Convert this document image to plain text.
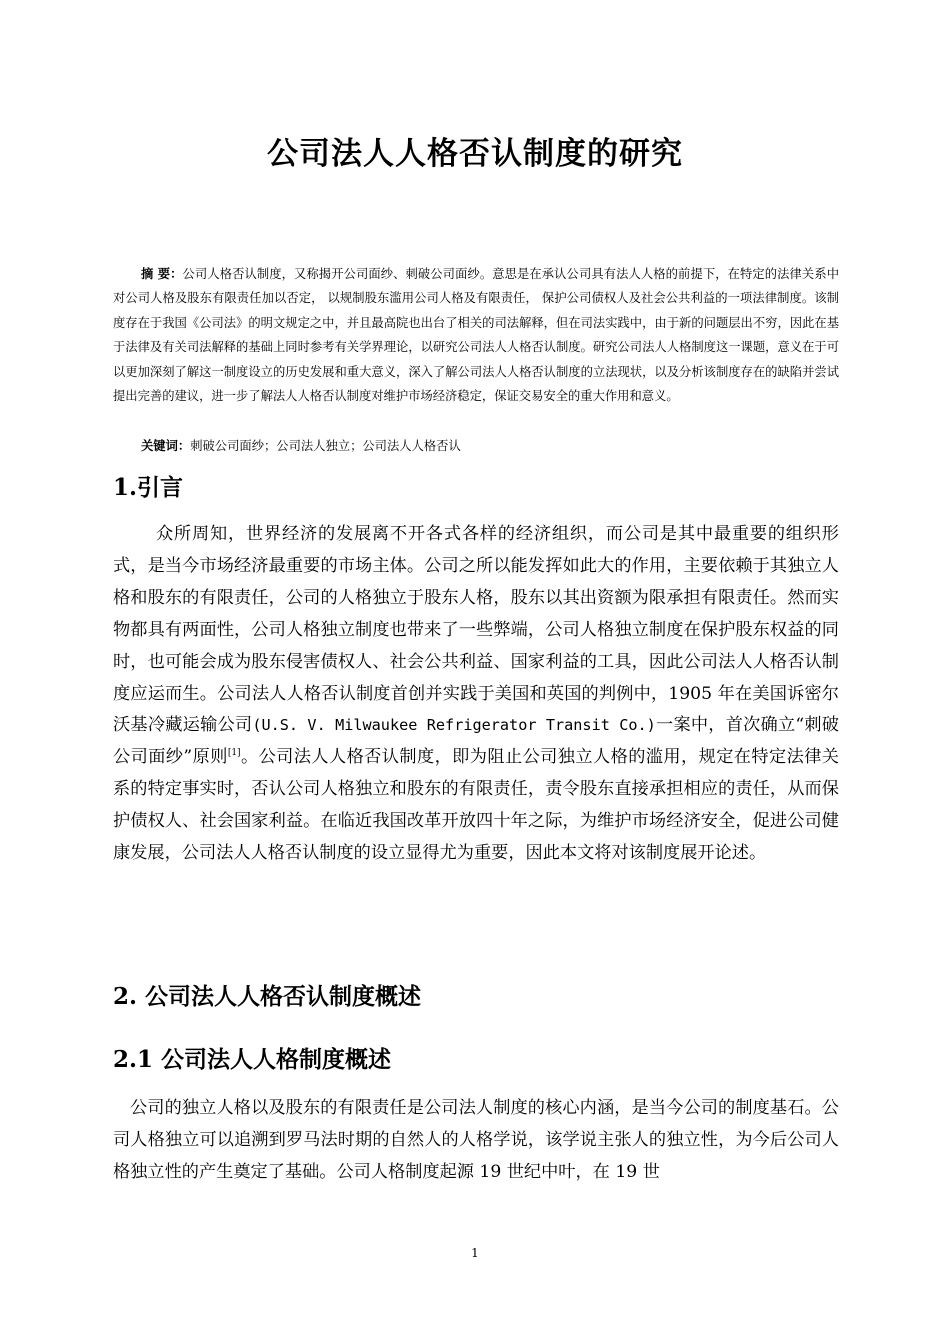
公司法人人格否认制度的研究
摘 要：公司人格否认制度，又称揭开公司面纱、刺破公司面纱。意思是在承认公司具有法人人格的前提下，在特定的法律关系中对公司人格及股东有限责任加以否定， 以规制股东滥用公司人格及有限责任， 保护公司债权人及社会公共利益的一项法律制度。该制度存在于我国《公司法》的明文规定之中，并且最高院也出台了相关的司法解释，但在司法实践中，由于新的问题层出不穷，因此在基于法律及有关司法解释的基础上同时参考有关学界理论，以研究公司法人人格否认制度。研究公司法人人格制度这一课题，意义在于可以更加深刻了解这一制度设立的历史发展和重大意义，深入了解公司法人人格否认制度的立法现状，以及分析该制度存在的缺陷并尝试提出完善的建议，进一步了解法人人格否认制度对维护市场经济稳定，保证交易安全的重大作用和意义。
关键词：刺破公司面纱；公司法人独立；公司法人人格否认
1.引言
众所周知，世界经济的发展离不开各式各样的经济组织，而公司是其中最重要的组织形式，是当今市场经济最重要的市场主体。公司之所以能发挥如此大的作用，主要依赖于其独立人格和股东的有限责任，公司的人格独立于股东人格，股东以其出资额为限承担有限责任。然而实物都具有两面性，公司人格独立制度也带来了一些弊端，公司人格独立制度在保护股东权益的同时，也可能会成为股东侵害债权人、社会公共利益、国家利益的工具，因此公司法人人格否认制度应运而生。公司法人人格否认制度首创并实践于美国和英国的判例中，1905 年在美国诉密尔沃基冷藏运输公司(U.S. V. Milwaukee Refrigerator Transit Co.)一案中，首次确立“刺破公司面纱”原则[1]。公司法人人格否认制度，即为阻止公司独立人格的滥用，规定在特定法律关系的特定事实时，否认公司人格独立和股东的有限责任，责令股东直接承担相应的责任，从而保护债权人、社会国家利益。在临近我国改革开放四十年之际，为维护市场经济安全，促进公司健康发展，公司法人人格否认制度的设立显得尤为重要，因此本文将对该制度展开论述。
2. 公司法人人格否认制度概述
2.1 公司法人人格制度概述
公司的独立人格以及股东的有限责任是公司法人制度的核心内涵，是当今公司的制度基石。公司人格独立可以追溯到罗马法时期的自然人的人格学说，该学说主张人的独立性，为今后公司人格独立性的产生奠定了基础。公司人格制度起源 19 世纪中叶，在 19 世
1
